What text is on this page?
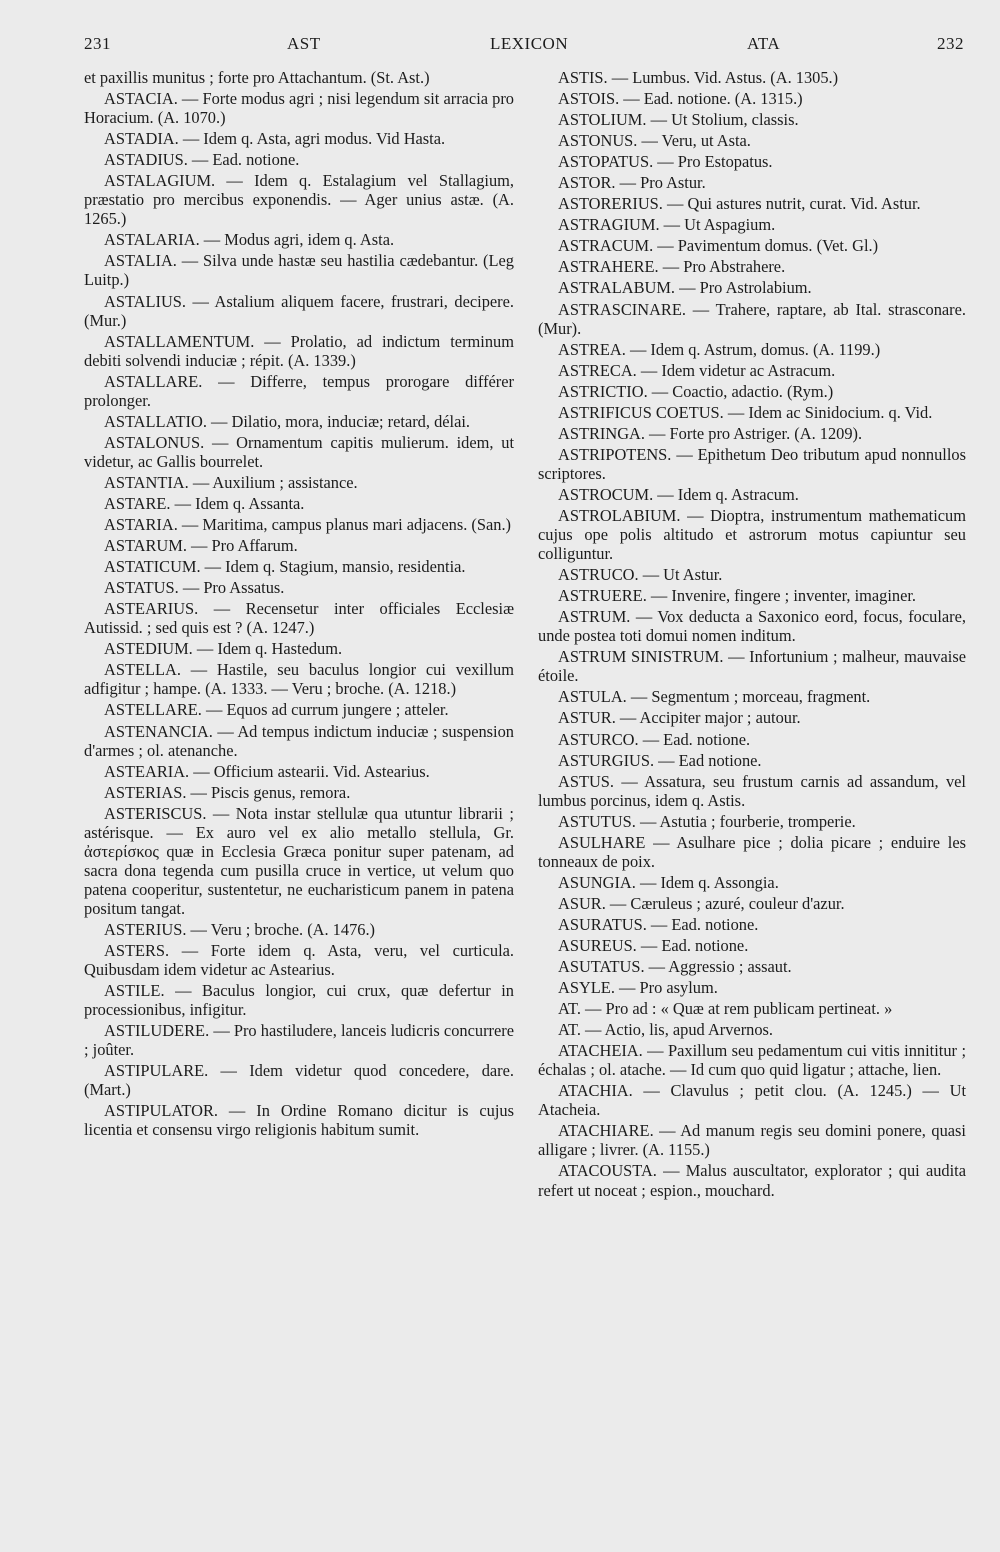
231	AST	LEXICON	ATA	232

et paxillis munitus ; forte pro Attachantum. (St. Ast.)

ASTACIA. — Forte modus agri ; nisi legendum sit arracia pro Horacium. (A. 1070.)

ASTADIA. — Idem q. Asta, agri modus. Vid Hasta.

ASTADIUS. — Ead. notione.

ASTALAGIUM. — Idem q. Estalagium vel Stallagium, præstatio pro mercibus exponendis. — Ager unius astæ. (A. 1265.)

ASTALARIA. — Modus agri, idem q. Asta.

ASTALIA. — Silva unde hastæ seu hastilia cædebantur. (Leg Luitp.)

ASTALIUS. — Astalium aliquem facere, frustrari, decipere. (Mur.)

ASTALLAMENTUM. — Prolatio, ad indictum terminum debiti solvendi induciæ ; répit. (A. 1339.)

ASTALLARE. — Differre, tempus prorogare différer prolonger.

ASTALLATIO. — Dilatio, mora, induciæ; retard, délai.

ASTALONUS. — Ornamentum capitis mulierum. idem, ut videtur, ac Gallis bourrelet.

ASTANTIA. — Auxilium ; assistance.

ASTARE. — Idem q. Assanta.

ASTARIA. — Maritima, campus planus mari adjacens. (San.)

ASTARUM. — Pro Affarum.

ASTATICUM. — Idem q. Stagium, mansio, residentia.

ASTATUS. — Pro Assatus.

ASTEARIUS. — Recensetur inter officiales Ecclesiæ Autissid. ; sed quis est ? (A. 1247.)

ASTEDIUM. — Idem q. Hastedum.

ASTELLA. — Hastile, seu baculus longior cui vexillum adfigitur ; hampe. (A. 1333. — Veru ; broche. (A. 1218.)

ASTELLARE. — Equos ad currum jungere ; atteler.

ASTENANCIA. — Ad tempus indictum induciæ ; suspension d'armes ; ol. atenanche.

ASTEARIA. — Officium astearii. Vid. Astearius.

ASTERIAS. — Piscis genus, remora.

ASTERISCUS. — Nota instar stellulæ qua utuntur librarii ; astérisque. — Ex auro vel ex alio metallo stellula, Gr. ἀστερίσκος quæ in Ecclesia Græca ponitur super patenam, ad sacra dona tegenda cum pusilla cruce in vertice, ut velum quo patena cooperitur, sustentetur, ne eucharisticum panem in patena positum tangat.

ASTERIUS. — Veru ; broche. (A. 1476.)

ASTERS. — Forte idem q. Asta, veru, vel curticula. Quibusdam idem videtur ac Astearius.

ASTILE. — Baculus longior, cui crux, quæ defertur in processionibus, infigitur.

ASTILUDERE. — Pro hastiludere, lanceis ludicris concurrere ; joûter.

ASTIPULARE. — Idem videtur quod concedere, dare. (Mart.)

ASTIPULATOR. — In Ordine Romano dicitur is cujus licentia et consensu virgo religionis habitum sumit.

ASTIS. — Lumbus. Vid. Astus. (A. 1305.)

ASTOIS. — Ead. notione. (A. 1315.)

ASTOLIUM. — Ut Stolium, classis.

ASTONUS. — Veru, ut Asta.

ASTOPATUS. — Pro Estopatus.

ASTOR. — Pro Astur.

ASTORERIUS. — Qui astures nutrit, curat. Vid. Astur.

ASTRAGIUM. — Ut Aspagium.

ASTRACUM. — Pavimentum domus. (Vet. Gl.)

ASTRAHERE. — Pro Abstrahere.

ASTRALABUM. — Pro Astrolabium.

ASTRASCINARE. — Trahere, raptare, ab Ital. strasconare. (Mur).

ASTREA. — Idem q. Astrum, domus. (A. 1199.)

ASTRECA. — Idem videtur ac Astracum.

ASTRICTIO. — Coactio, adactio. (Rym.)

ASTRIFICUS COETUS. — Idem ac Sinidocium. q. Vid.

ASTRINGA. — Forte pro Astriger. (A. 1209).

ASTRIPOTENS. — Epithetum Deo tributum apud nonnullos scriptores.

ASTROCUM. — Idem q. Astracum.

ASTROLABIUM. — Dioptra, instrumentum mathematicum cujus ope polis altitudo et astrorum motus capiuntur seu colliguntur.

ASTRUCO. — Ut Astur.

ASTRUERE. — Invenire, fingere ; inventer, imaginer.

ASTRUM. — Vox deducta a Saxonico eord, focus, foculare, unde postea toti domui nomen inditum.

ASTRUM SINISTRUM. — Infortunium ; malheur, mauvaise étoile.

ASTULA. — Segmentum ; morceau, fragment.

ASTUR. — Accipiter major ; autour.

ASTURCO. — Ead. notione.

ASTURGIUS. — Ead notione.

ASTUS. — Assatura, seu frustum carnis ad assandum, vel lumbus porcinus, idem q. Astis.

ASTUTUS. — Astutia ; fourberie, tromperie.

ASULHARE — Asulhare pice ; dolia picare ; enduire les tonneaux de poix.

ASUNGIA. — Idem q. Assongia.

ASUR. — Cæruleus ; azuré, couleur d'azur.

ASURATUS. — Ead. notione.

ASUREUS. — Ead. notione.

ASUTATUS. — Aggressio ; assaut.

ASYLE. — Pro asylum.

AT. — Pro ad : « Quæ at rem publicam pertineat. »

AT. — Actio, lis, apud Arvernos.

ATACHEIA. — Paxillum seu pedamentum cui vitis innititur ; échalas ; ol. atache. — Id cum quo quid ligatur ; attache, lien.

ATACHIA. — Clavulus ; petit clou. (A. 1245.) — Ut Atacheia.

ATACHIARE. — Ad manum regis seu domini ponere, quasi alligare ; livrer. (A. 1155.)

ATACOUSTA. — Malus auscultator, explorator ; qui audita refert ut noceat ; espion., mouchard.
